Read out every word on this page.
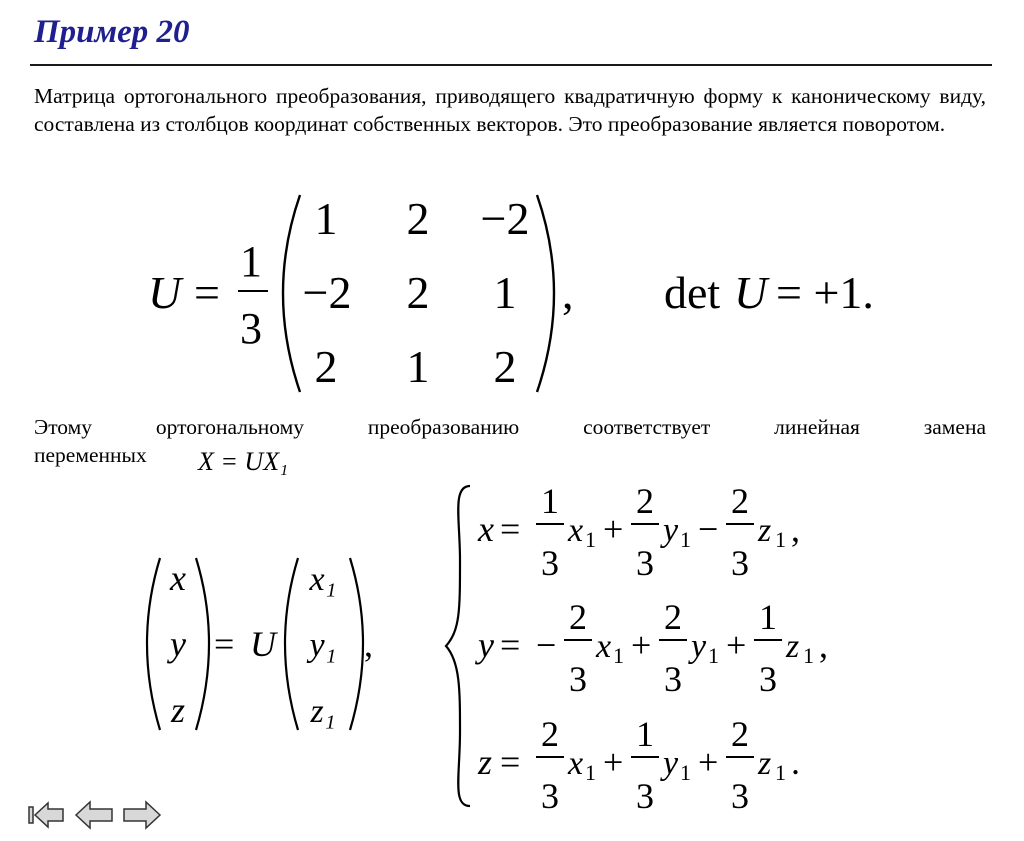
Пример 20
Матрица ортогонального преобразования, приводящего квадратичную форму к каноническому виду, составлена из столбцов координат собственных векторов. Это преобразование является поворотом.
Этому ортогональному преобразованию соответствует линейная замена
переменных
U =
1
3
1 2 −2
−2 2 1
2 1 2
, det U = +1.
X = UX₁
x
y
z
= U
x₁
y₁
z₁
,
x =
1
3
x 1 +
2
3
y 1 −
2
3
z 1 ,
y = −
2
3
x 1 +
2
3
y 1 +
1
3
z 1 ,
z =
2
3
x 1 +
1
3
y 1 +
2
3
z 1 .
